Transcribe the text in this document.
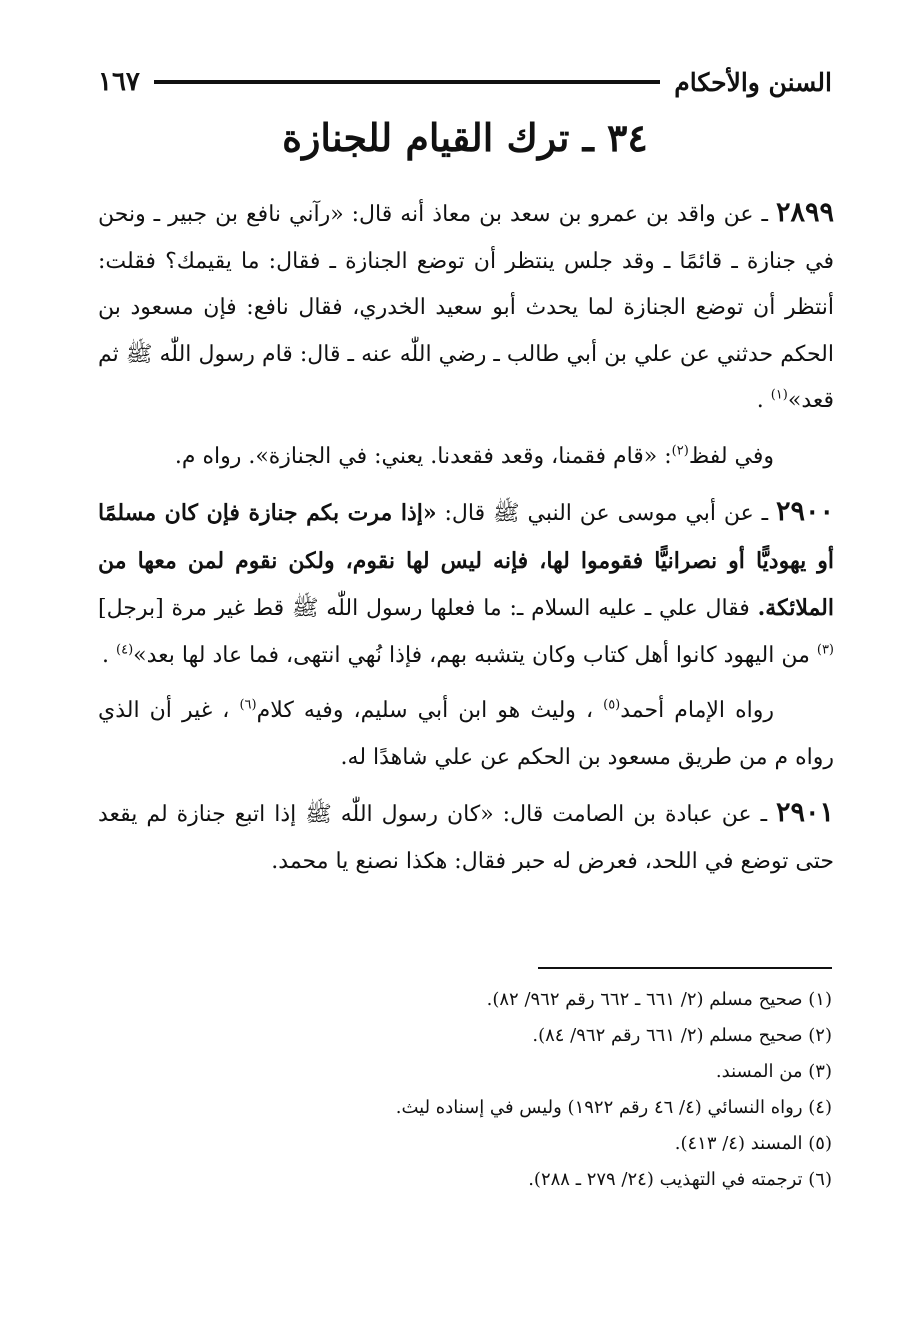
السنن والأحكام
١٦٧
٣٤ ـ ترك القيام للجنازة

٢٨٩٩ ـ عن واقد بن عمرو بن سعد بن معاذ أنه قال: «رآني نافع بن جبير ـ ونحن في جنازة ـ قائمًا ـ وقد جلس ينتظر أن توضع الجنازة ـ فقال: ما يقيمك؟ فقلت: أنتظر أن توضع الجنازة لما يحدث أبو سعيد الخدري، فقال نافع: فإن مسعود بن الحكم حدثني عن علي بن أبي طالب ـ رضي اللّٰه عنه ـ قال: قام رسول اللّٰه ﷺ ثم قعد»$^{(١)}$ .

وفي لفظ$^{(٢)}$: «قام فقمنا، وقعد فقعدنا. يعني: في الجنازة». رواه م.

٢٩٠٠ ـ عن أبي موسى عن النبي ﷺ قال: «إذا مرت بكم جنازة فإن كان مسلمًا أو يهوديًّا أو نصرانيًّا فقوموا لها، فإنه ليس لها نقوم، ولكن نقوم لمن معها من الملائكة. فقال علي ـ عليه السلام ـ: ما فعلها رسول اللّٰه ﷺ قط غير مرة [برجل]$^{(٣)}$ من اليهود كانوا أهل كتاب وكان يتشبه بهم، فإذا نُهي انتهى، فما عاد لها بعد»$^{(٤)}$ .

رواه الإمام أحمد$^{(٥)}$ ، وليث هو ابن أبي سليم، وفيه كلام$^{(٦)}$ ، غير أن الذي رواه م من طريق مسعود بن الحكم عن علي شاهدًا له.

٢٩٠١ ـ عن عبادة بن الصامت قال: «كان رسول اللّٰه ﷺ إذا اتبع جنازة لم يقعد حتى توضع في اللحد، فعرض له حبر فقال: هكذا نصنع يا محمد.

(١) صحيح مسلم (٢/ ٦٦١ ـ ٦٦٢ رقم ٩٦٢/ ٨٢).
(٢) صحيح مسلم (٢/ ٦٦١ رقم ٩٦٢/ ٨٤).
(٣) من المسند.
(٤) رواه النسائي (٤/ ٤٦ رقم ١٩٢٢) وليس في إسناده ليث.
(٥) المسند (٤/ ٤١٣).
(٦) ترجمته في التهذيب (٢٤/ ٢٧٩ ـ ٢٨٨).
